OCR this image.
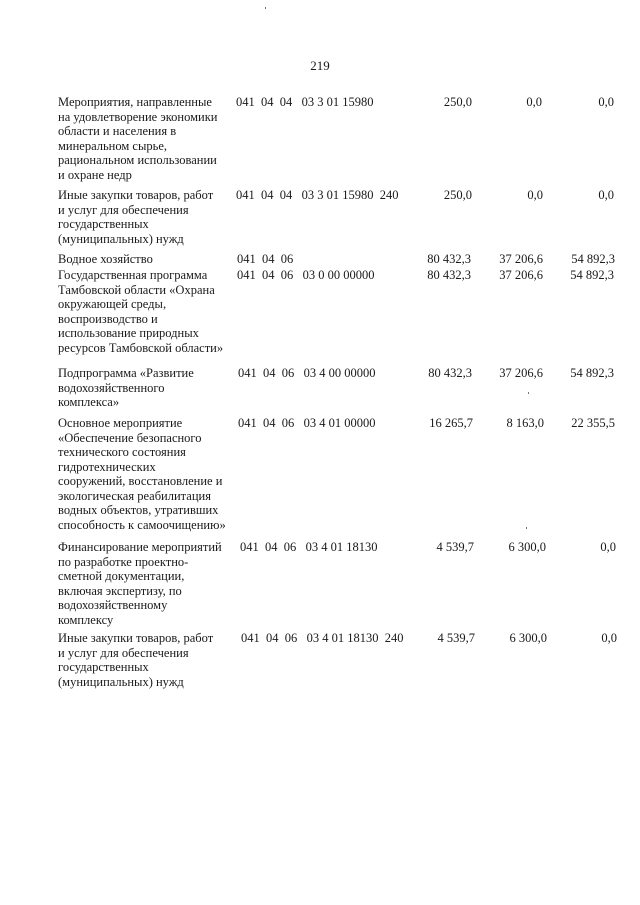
219
Мероприятия, направленные
на удовлетворение экономики
области и населения в
минеральном сырье,
рациональном использовании
и охране недр
041  04  04   03 3 01 15980	250,0	0,0	0,0
Иные закупки товаров, работ
и услуг для обеспечения
государственных
(муниципальных) нужд
041  04  04   03 3 01 15980  240	250,0	0,0	0,0
Водное хозяйство	041  04  06	80 432,3	37 206,6	54 892,3
Государственная программа
Тамбовской области «Охрана
окружающей среды,
воспроизводство и
использование природных
ресурсов Тамбовской области»
041  04  06   03 0 00 00000	80 432,3	37 206,6	54 892,3
Подпрограмма «Развитие
водохозяйственного
комплекса»
041  04  06   03 4 00 00000	80 432,3	37 206,6	54 892,3
Основное мероприятие
«Обеспечение безопасного
технического состояния
гидротехнических
сооружений, восстановление и
экологическая реабилитация
водных объектов, утративших
способность к самоочищению»
041  04  06   03 4 01 00000	16 265,7	8 163,0	22 355,5
Финансирование мероприятий
по разработке проектно-
сметной документации,
включая экспертизу, по
водохозяйственному
комплексу
041  04  06   03 4 01 18130	4 539,7	6 300,0	0,0
Иные закупки товаров, работ
и услуг для обеспечения
государственных
(муниципальных) нужд
041  04  06   03 4 01 18130  240	4 539,7	6 300,0	0,0
